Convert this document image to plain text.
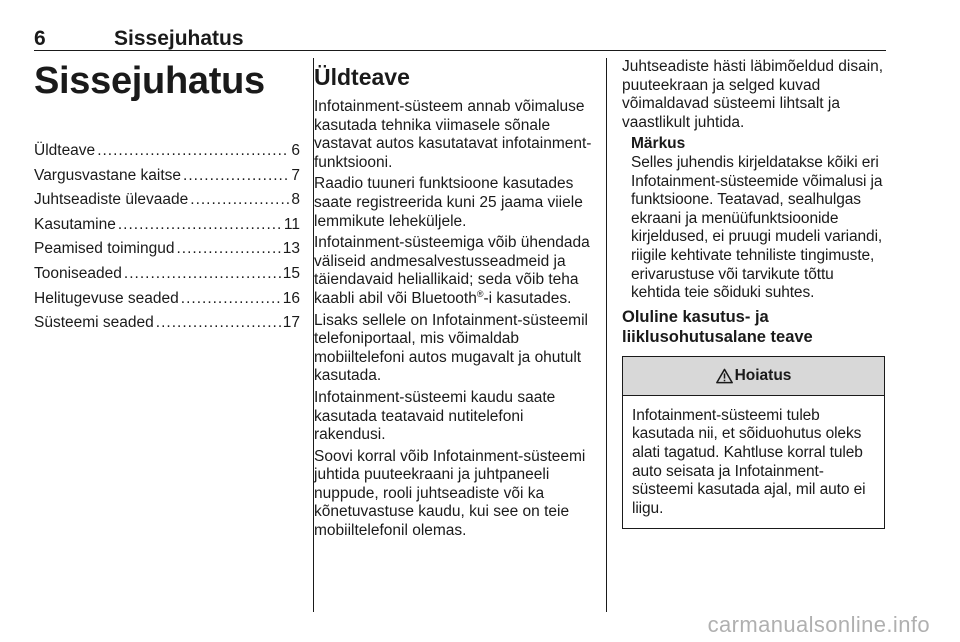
6	Sissejuhatus
Sissejuhatus
Üldteave .....	6
Vargusvastane kaitse .....	7
Juhtseadiste ülevaade .....	8
Kasutamine .....	11
Peamised toimingud .....	13
Tooniseaded .....	15
Helitugevuse seaded .....	16
Süsteemi seaded .....	17
Üldteave

Infotainment-süsteem annab võimaluse kasutada tehnika viimasele sõnale vastavat autos kasutatavat infotainment-funktsiooni.

Raadio tuuneri funktsioone kasutades saate registreerida kuni 25 jaama viiele lemmikute leheküljele.

Infotainment-süsteemiga võib ühendada väliseid andmesalvestusseadmeid ja täiendavaid heliallikaid; seda võib teha kaabli abil või Bluetooth®-i kasutades.

Lisaks sellele on Infotainment-süsteemil telefoniportaal, mis võimaldab mobiiltelefoni autos mugavalt ja ohutult kasutada.

Infotainment-süsteemi kaudu saate kasutada teatavaid nutitelefoni rakendusi.

Soovi korral võib Infotainment-süsteemi juhtida puuteekraani ja juhtpaneeli nuppude, rooli juhtseadiste või ka kõnetuvastuse kaudu, kui see on teie mobiiltelefonil olemas.

Juhtseadiste hästi läbimõeldud disain, puuteekraan ja selged kuvad võimaldavad süsteemi lihtsalt ja vaastlikult juhtida.

Märkus

Selles juhendis kirjeldatakse kõiki eri Infotainment-süsteemide võimalusi ja funktsioone. Teatavad, sealhulgas ekraani ja menüüfunktsioonide kirjeldused, ei pruugi mudeli variandi, riigile kehtivate tehniliste tingimuste, erivarustuse või tarvikute tõttu kehtida teie sõiduki suhtes.

Oluline kasutus- ja liiklusohutusalane teave
Hoiatus

Infotainment-süsteemi tuleb kasutada nii, et sõiduohutus oleks alati tagatud. Kahtluse korral tuleb auto seisata ja Infotainment-süsteemi kasutada ajal, mil auto ei liigu.

carmanualsonline.info
